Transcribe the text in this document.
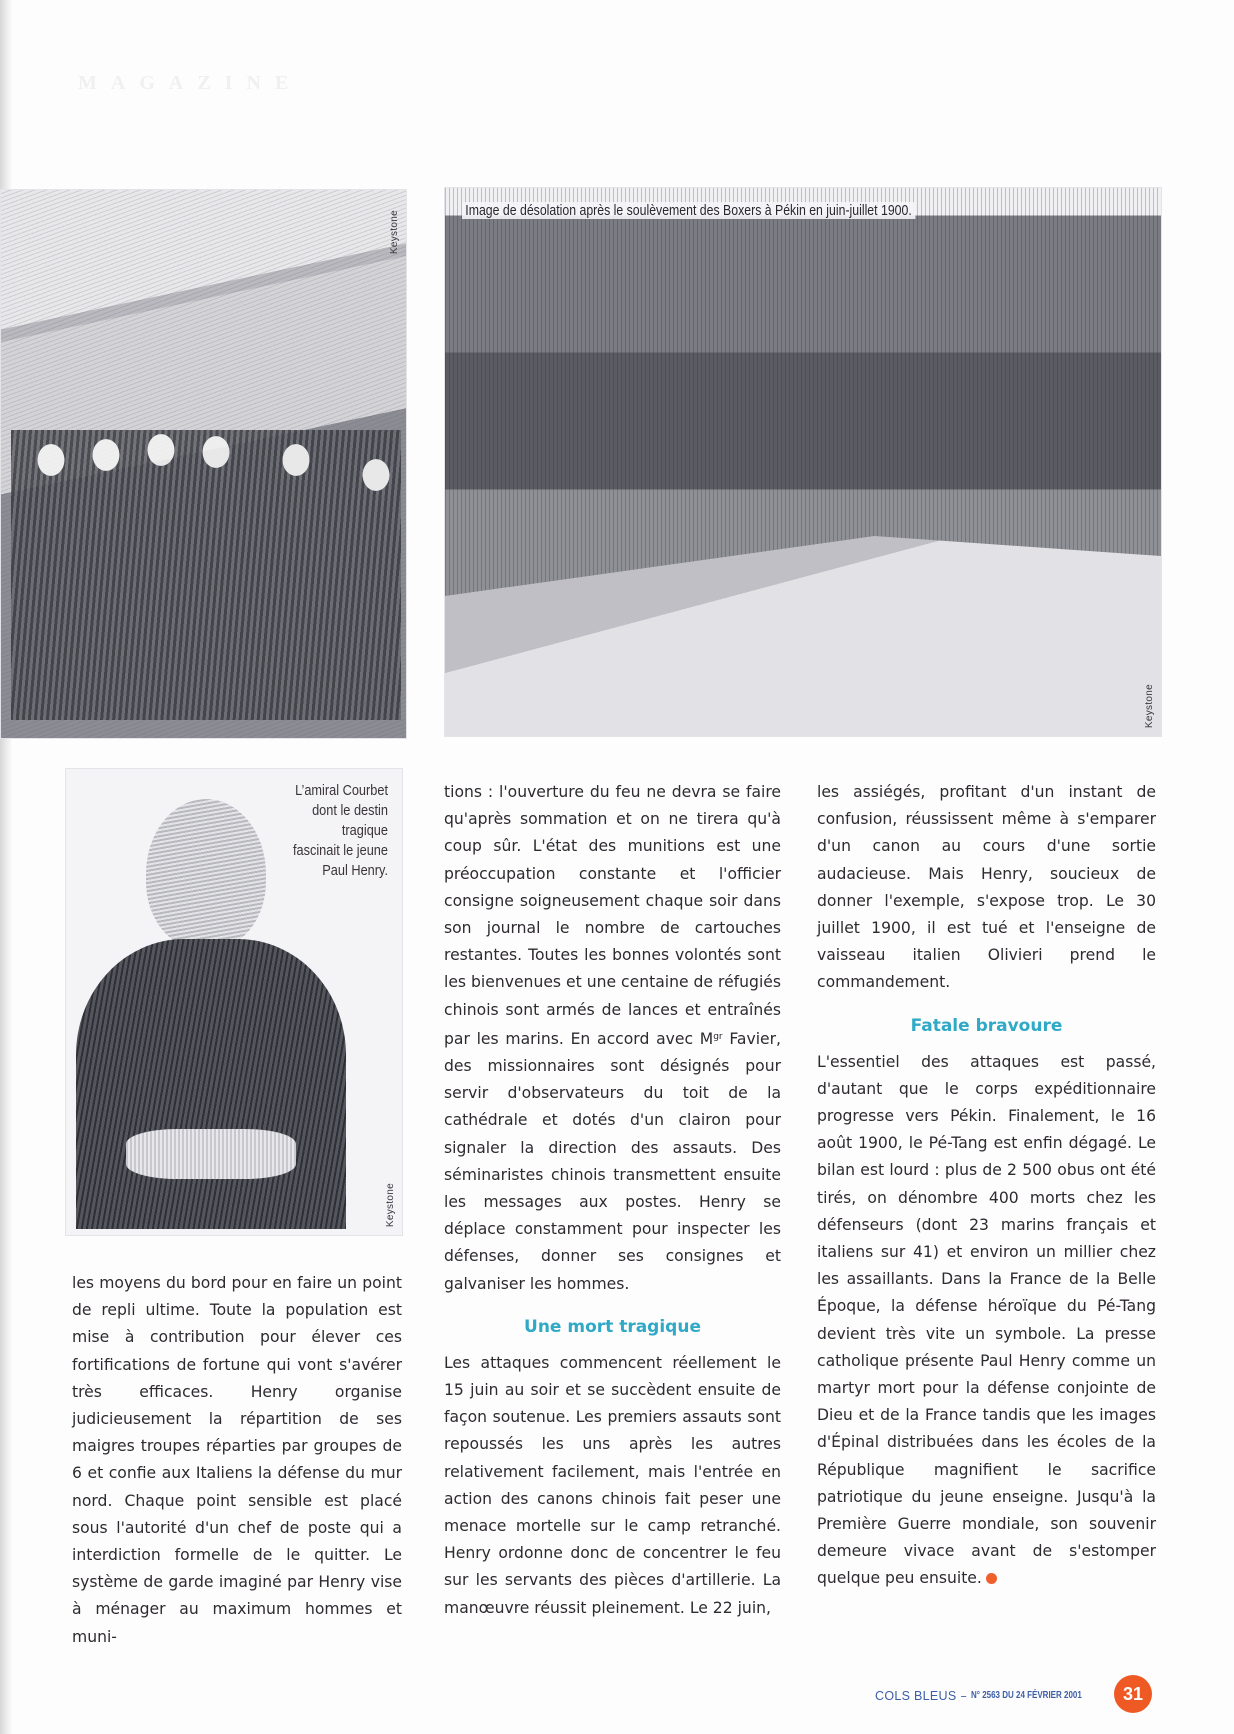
MAGAZINE
Keystone	Image de désolation après le soulèvement des Boxers à Pékin en juin-juillet 1900.
Keystone
L’amiral Courbet
dont le destin
tragique
fascinait le jeune
Paul Henry.
Keystone

les moyens du bord pour en faire un point de repli ultime. Toute la population est mise à contribution pour élever ces fortifications de fortune qui vont s'avérer très efficaces. Henry organise judicieusement la répartition de ses maigres troupes réparties par groupes de 6 et confie aux Italiens la défense du mur nord. Chaque point sensible est placé sous l'autorité d'un chef de poste qui a interdiction formelle de le quitter. Le système de garde imaginé par Henry vise à ménager au maximum hommes et muni-

tions : l'ouverture du feu ne devra se faire qu'après sommation et on ne tirera qu'à coup sûr. L'état des munitions est une préoccupation constante et l'officier consigne soigneusement chaque soir dans son journal le nombre de cartouches restantes. Toutes les bonnes volontés sont les bienvenues et une centaine de réfugiés chinois sont armés de lances et entraînés par les marins. En accord avec $M^{gr}$ Favier, des missionnaires sont désignés pour servir d'observateurs du toit de la cathédrale et dotés d'un clairon pour signaler la direction des assauts. Des séminaristes chinois transmettent ensuite les messages aux postes. Henry se déplace constamment pour inspecter les défenses, donner ses consignes et galvaniser les hommes.

Une mort tragique

Les attaques commencent réellement le 15 juin au soir et se succèdent ensuite de façon soutenue. Les premiers assauts sont repoussés les uns après les autres relativement facilement, mais l'entrée en action des canons chinois fait peser une menace mortelle sur le camp retranché. Henry ordonne donc de concentrer le feu sur les servants des pièces d'artillerie. La manœuvre réussit pleinement. Le 22 juin,

les assiégés, profitant d'un instant de confusion, réussissent même à s'emparer d'un canon au cours d'une sortie audacieuse. Mais Henry, soucieux de donner l'exemple, s'expose trop. Le 30 juillet 1900, il est tué et l'enseigne de vaisseau italien Olivieri prend le commandement.

Fatale bravoure

L'essentiel des attaques est passé, d'autant que le corps expéditionnaire progresse vers Pékin. Finalement, le 16 août 1900, le Pé-Tang est enfin dégagé. Le bilan est lourd : plus de 2 500 obus ont été tirés, on dénombre 400 morts chez les défenseurs (dont 23 marins français et italiens sur 41) et environ un millier chez les assaillants. Dans la France de la Belle Époque, la défense héroïque du Pé-Tang devient très vite un symbole. La presse catholique présente Paul Henry comme un martyr mort pour la défense conjointe de Dieu et de la France tandis que les images d'Épinal distribuées dans les écoles de la République magnifient le sacrifice patriotique du jeune enseigne. Jusqu'à la Première Guerre mondiale, son souvenir demeure vivace avant de s'estomper quelque peu ensuite.

COLS BLEUS – N° 2563 DU 24 FÉVRIER 2001	31
